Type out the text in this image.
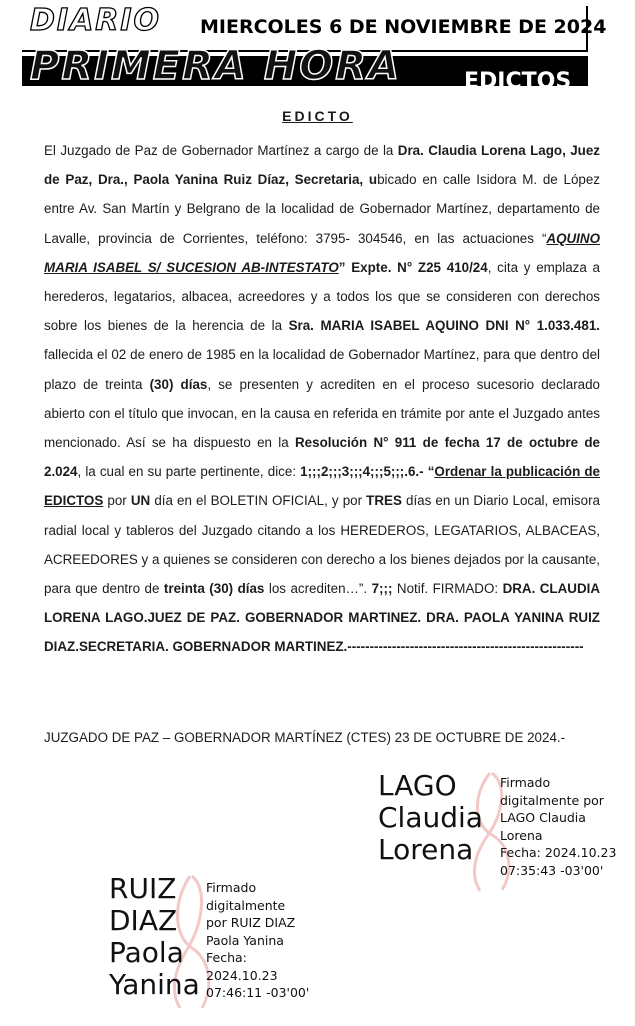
DIARIO MIERCOLES 6 DE NOVIEMBRE DE 2024

PRIMERA HORA	EDICTOS

EDICTO

El Juzgado de Paz de Gobernador Martínez a cargo de la Dra. Claudia Lorena Lago, Juez de Paz, Dra., Paola Yanina Ruiz Díaz, Secretaria, ubicado en calle Isidora M. de López entre Av. San Martín y Belgrano de la localidad de Gobernador Martínez, departamento de Lavalle, provincia de Corrientes, teléfono: 3795- 304546, en las actuaciones “AQUINO MARIA ISABEL S/ SUCESION AB-INTESTATO” Expte. N° Z25 410/24, cita y emplaza a herederos, legatarios, albacea, acreedores y a todos los que se consideren con derechos sobre los bienes de la herencia de la Sra. MARIA ISABEL AQUINO DNI N° 1.033.481. fallecida el 02 de enero de 1985 en la localidad de Gobernador Martínez, para que dentro del plazo de treinta (30) días, se presenten y acrediten en el proceso sucesorio declarado abierto con el título que invocan, en la causa en referida en trámite por ante el Juzgado antes mencionado. Así se ha dispuesto en la Resolución N° 911 de fecha 17 de octubre de 2.024, la cual en su parte pertinente, dice: 1;;;2;;;3;;;4;;;5;;;.6.- “Ordenar la publicación de EDICTOS por UN día en el BOLETIN OFICIAL, y por TRES días en un Diario Local, emisora radial local y tableros del Juzgado citando a los HEREDEROS, LEGATARIOS, ALBACEAS, ACREEDORES y a quienes se consideren con derecho a los bienes dejados por la causante, para que dentro de treinta (30) días los acrediten…”. 7;;; Notif. FIRMADO: DRA. CLAUDIA LORENA LAGO.JUEZ DE PAZ. GOBERNADOR MARTINEZ. DRA. PAOLA YANINA RUIZ DIAZ.SECRETARIA. GOBERNADOR MARTINEZ.-----------------------------------------------------

JUZGADO DE PAZ – GOBERNADOR MARTÍNEZ (CTES) 23 DE OCTUBRE DE 2024.-

LAGO
Claudia
Lorena
Firmado
digitalmente por
LAGO Claudia
Lorena
Fecha: 2024.10.23
07:35:43 -03'00'
RUIZ
DIAZ
Paola
Yanina
Firmado
digitalmente
por RUIZ DIAZ
Paola Yanina
Fecha:
2024.10.23
07:46:11 -03'00'
